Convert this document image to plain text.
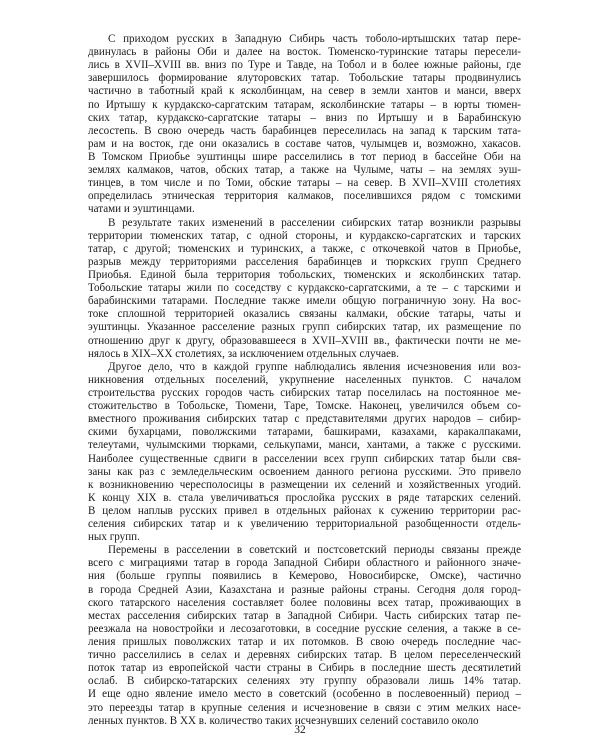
С приходом русских в Западную Сибирь часть тоболо-иртышских татар пере-
двинулась в районы Оби и далее на восток. Тюменско-туринские татары пересели-
лись в XVII–XVIII вв. вниз по Туре и Тавде, на Тобол и в более южные районы, где
завершилось формирование ялуторовских татар. Тобольские татары продвинулись
частично в таботный край к ясколбинцам, на север в земли хантов и манси, вверх
по Иртышу к курдакско-саргатским татарам, ясколбинские татары – в юрты тюмен-
ских татар, курдакско-саргатские татары – вниз по Иртышу и в Барабинскую
лесостепь. В свою очередь часть барабинцев переселилась на запад к тарским тата-
рам и на восток, где они оказались в составе чатов, чулымцев и, возможно, хакасов.
В Томском Приобье эуштинцы шире расселились в тот период в бассейне Оби на
землях калмаков, чатов, обских татар, а также на Чулыме, чаты – на землях эуш-
тинцев, в том числе и по Томи, обские татары – на север. В XVII–XVIII столетиях
определилась этническая территория калмаков, поселившихся рядом с томскими
чатами и эуштинцами.
В результате таких изменений в расселении сибирских татар возникли разрывы
территории тюменских татар, с одной стороны, и курдакско-саргатских и тарских
татар, с другой; тюменских и туринских, а также, с откочевкой чатов в Приобье,
разрыв между территориями расселения барабинцев и тюркских групп Среднего
Приобья. Единой была территория тобольских, тюменских и ясколбинских татар.
Тобольские татары жили по соседству с курдакско-саргатскими, а те – с тарскими и
барабинскими татарами. Последние также имели общую пограничную зону. На вос-
токе сплошной территорией оказались связаны калмаки, обские татары, чаты и
эуштинцы. Указанное расселение разных групп сибирских татар, их размещение по
отношению друг к другу, образовавшееся в XVII–XVIII вв., фактически почти не ме-
нялось в XIX–XX столетиях, за исключением отдельных случаев.
Другое дело, что в каждой группе наблюдались явления исчезновения или воз-
никновения отдельных поселений, укрупнение населенных пунктов. С началом
строительства русских городов часть сибирских татар поселилась на постоянное ме-
стожительство в Тобольске, Тюмени, Таре, Томске. Наконец, увеличился объем со-
вместного проживания сибирских татар с представителями других народов – сибир-
скими бухарцами, поволжскими татарами, башкирами, казахами, каракалпаками,
телеутами, чулымскими тюрками, селькупами, манси, хантами, а также с русскими.
Наиболее существенные сдвиги в расселении всех групп сибирских татар были свя-
заны как раз с земледельческим освоением данного региона русскими. Это привело
к возникновению чересполосицы в размещении их селений и хозяйственных угодий.
К концу XIX в. стала увеличиваться прослойка русских в ряде татарских селений.
В целом наплыв русских привел в отдельных районах к сужению территории рас-
селения сибирских татар и к увеличению территориальной разобщенности отдель-
ных групп.
Перемены в расселении в советский и постсоветский периоды связаны прежде
всего с миграциями татар в города Западной Сибири областного и районного значе-
ния (больше группы появились в Кемерово, Новосибирске, Омске), частично
в города Средней Азии, Казахстана и разные районы страны. Сегодня доля город-
ского татарского населения составляет более половины всех татар, проживающих в
местах расселения сибирских татар в Западной Сибири. Часть сибирских татар пе-
реезжала на новостройки и лесозаготовки, в соседние русские селения, а также в се-
ления пришлых поволжских татар и их потомков. В свою очередь последние час-
тично расселились в селах и деревнях сибирских татар. В целом переселенческий
поток татар из европейской части страны в Сибирь в последние шесть десятилетий
ослаб. В сибирско-татарских селениях эту группу образовали лишь 14% татар.
И еще одно явление имело место в советский (особенно в послевоенный) период –
это переезды татар в крупные селения и исчезновение в связи с этим мелких насе-
ленных пунктов. В ХХ в. количество таких исчезнувших селений составило около
32
